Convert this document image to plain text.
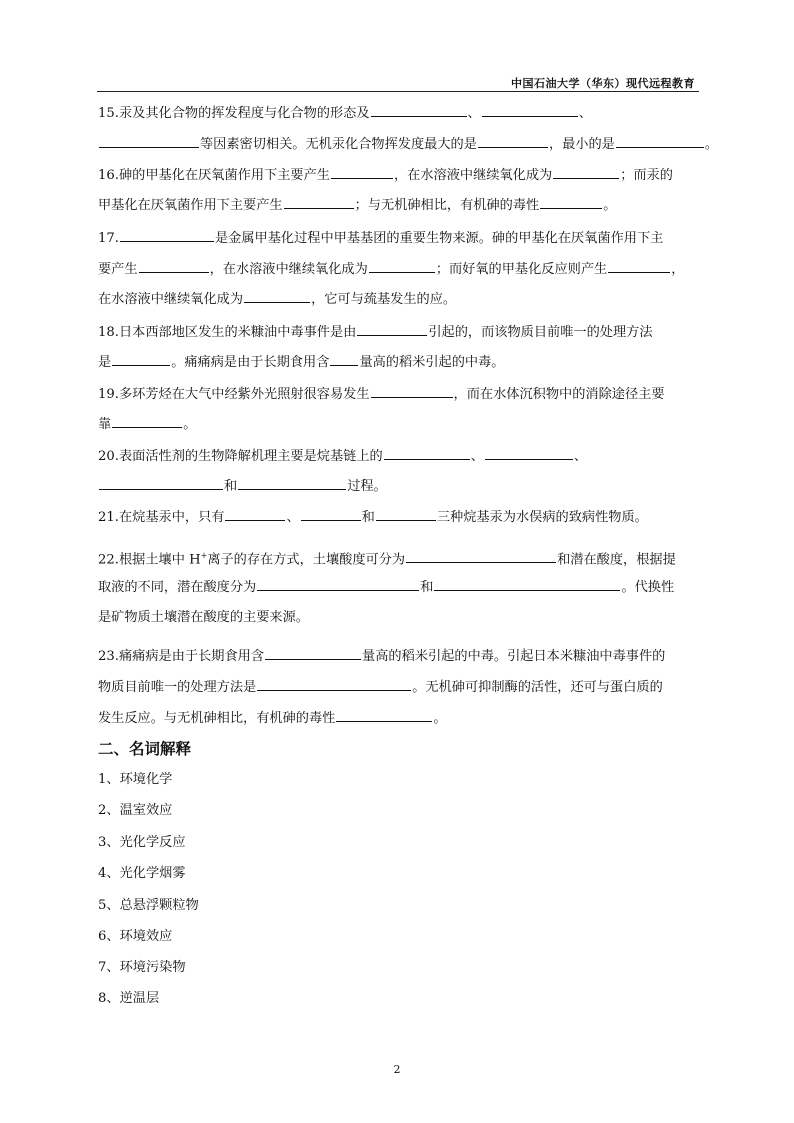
中国石油大学（华东）现代远程教育
15.汞及其化合物的挥发程度与化合物的形态及	、	、
等因素密切相关。无机汞化合物挥发度最大的是	，最小的是	。
16.砷的甲基化在厌氧菌作用下主要产生	，在水溶液中继续氧化成为	；而汞的
甲基化在厌氧菌作用下主要产生	；与无机砷相比，有机砷的毒性	。
17.	是金属甲基化过程中甲基基团的重要生物来源。砷的甲基化在厌氧菌作用下主
要产生	，在水溶液中继续氧化成为	；而好氧的甲基化反应则产生	，
在水溶液中继续氧化成为	，它可与巯基发生的应。
18.日本西部地区发生的米糠油中毒事件是由	引起的，而该物质目前唯一的处理方法
是	。痛痛病是由于长期食用含 量高的稻米引起的中毒。
19.多环芳烃在大气中经紫外光照射很容易发生	，而在水体沉积物中的消除途径主要
靠	。
20.表面活性剂的生物降解机理主要是烷基链上的	、	、
和	过程。
21.在烷基汞中，只有	、	和	三种烷基汞为水俣病的致病性物质。
22.根据土壤中 H+离子的存在方式，土壤酸度可分为	和潜在酸度，根据提
取液的不同，潜在酸度分为	和	。代换性
是矿物质土壤潜在酸度的主要来源。
23.痛痛病是由于长期食用含	量高的稻米引起的中毒。引起日本米糠油中毒事件的
物质目前唯一的处理方法是	。无机砷可抑制酶的活性，还可与蛋白质的
发生反应。与无机砷相比，有机砷的毒性	。
二、名词解释
1、环境化学
2、温室效应
3、光化学反应
4、光化学烟雾
5、总悬浮颗粒物
6、环境效应
7、环境污染物
8、逆温层
2
